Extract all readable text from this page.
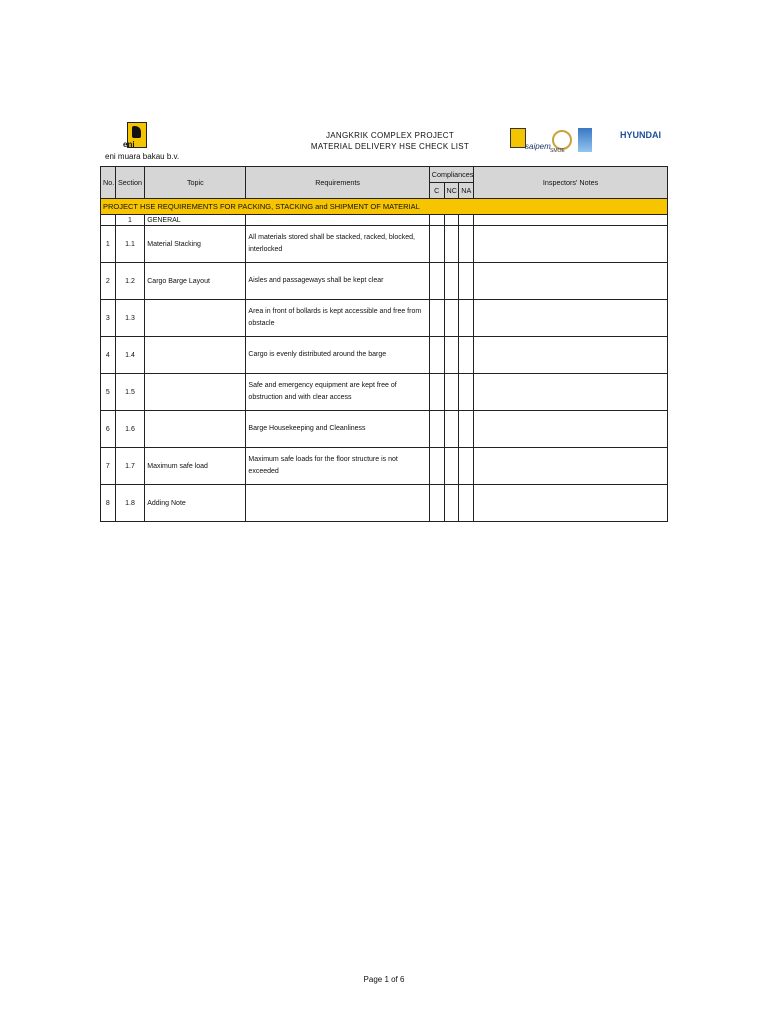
eni
eni muara bakau b.v.
JANGKRIK COMPLEX PROJECT
MATERIAL DELIVERY HSE CHECK LIST	saipem SMOE
HYUNDAI
No.	Section	Topic	Requirements	Compliances			Inspectors' Notes
				C	NC	NA	
PROJECT HSE REQUIREMENTS FOR PACKING, STACKING and SHIPMENT OF MATERIAL							
	1	GENERAL					
1	1.1	Material Stacking	All materials stored shall be stacked, racked, blocked, interlocked				
2	1.2	Cargo Barge Layout	Aisles and passageways shall be kept clear				
3	1.3		Area in front of bollards is kept accessible and free from obstacle				
4	1.4		Cargo is evenly distributed around the barge				
5	1.5		Safe and emergency equipment are kept free of obstruction and with clear access				
6	1.6		Barge Housekeeping and Cleanliness				
7	1.7	Maximum safe load	Maximum safe loads for the floor structure is not exceeded				
8	1.8	Adding Note					
Page 1 of 6
